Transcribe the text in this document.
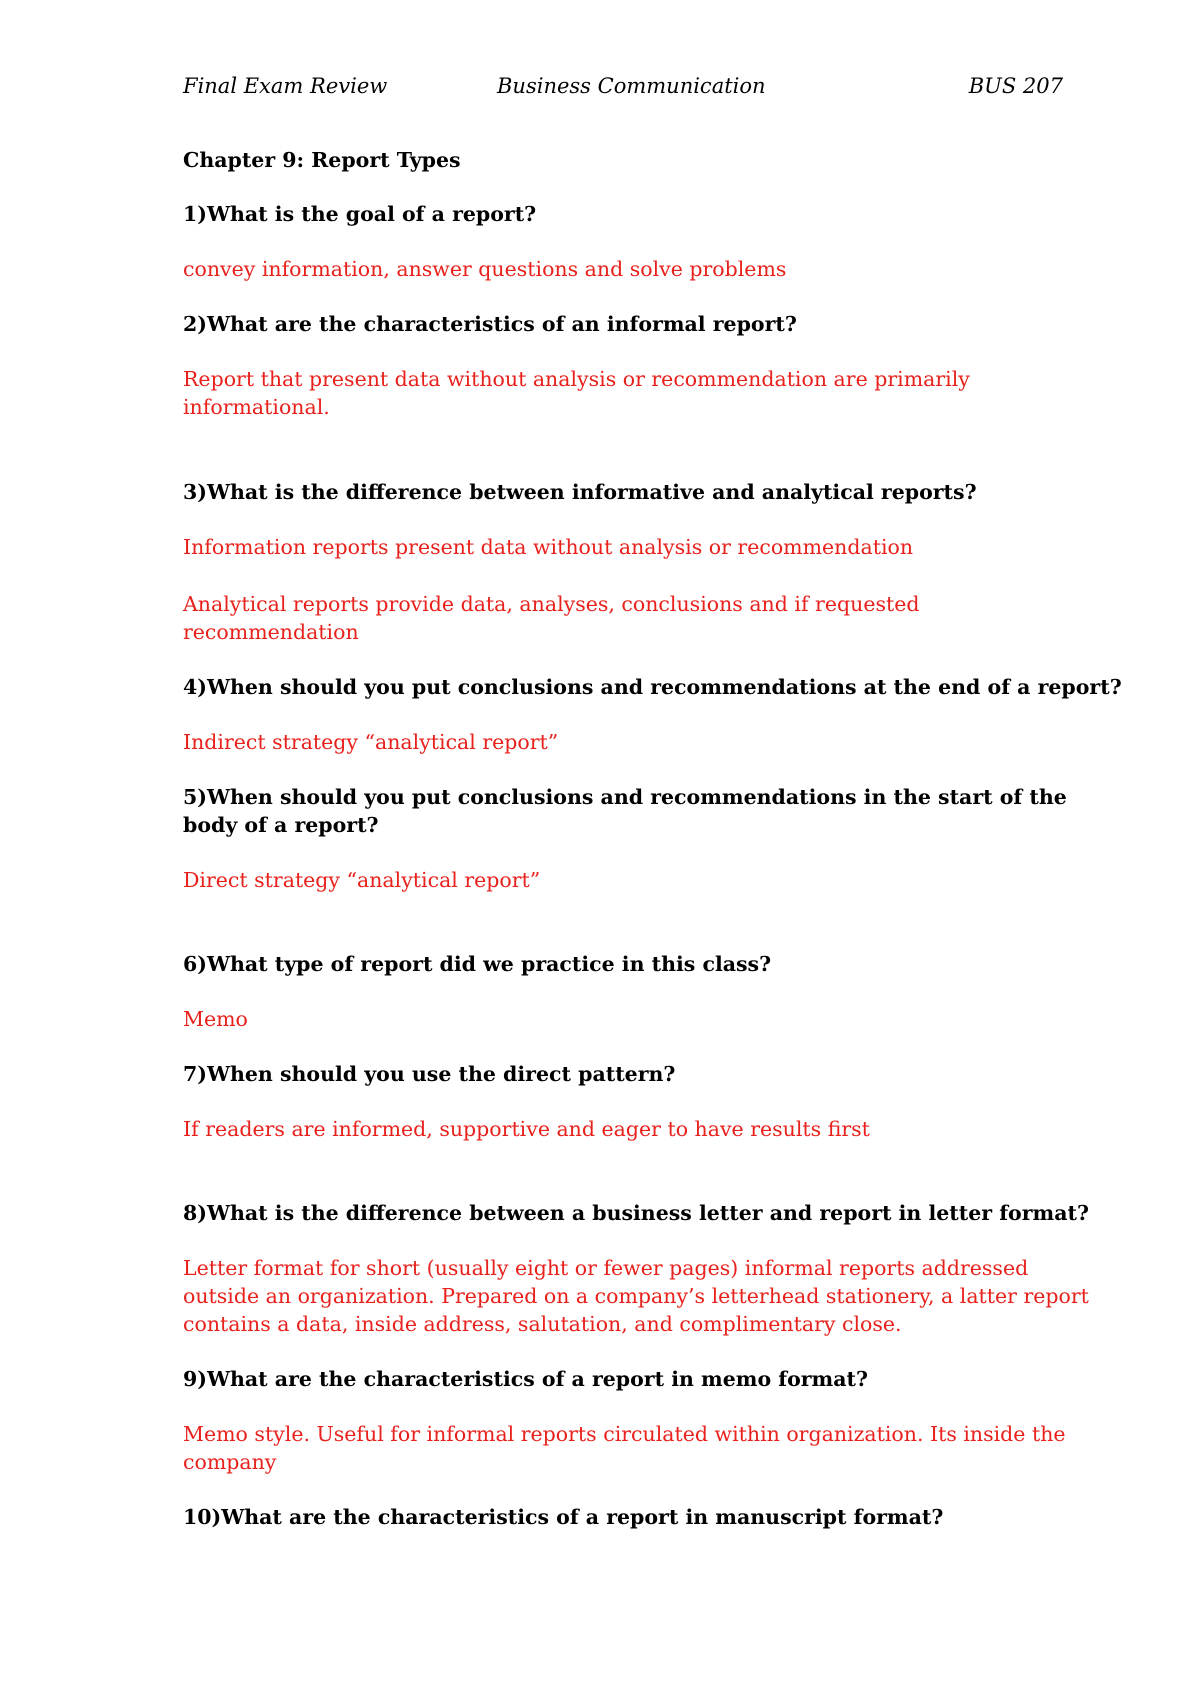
Final Exam Review	Business Communication	BUS 207
Chapter 9: Report Types
1)What is the goal of a report?
convey information, answer questions and solve problems
2)What are the characteristics of an informal report?
Report that present data without analysis or recommendation are primarily
informational.
3)What is the difference between informative and analytical reports?
Information reports present data without analysis or recommendation
Analytical reports provide data, analyses, conclusions and if requested
recommendation
4)When should you put conclusions and recommendations at the end of a report?
Indirect strategy “analytical report”
5)When should you put conclusions and recommendations in the start of the
body of a report?
Direct strategy “analytical report”
6)What type of report did we practice in this class?
Memo
7)When should you use the direct pattern?
If readers are informed, supportive and eager to have results first
8)What is the difference between a business letter and report in letter format?
Letter format for short (usually eight or fewer pages) informal reports addressed
outside an organization. Prepared on a company’s letterhead stationery, a latter report
contains a data, inside address, salutation, and complimentary close.
9)What are the characteristics of a report in memo format?
Memo style. Useful for informal reports circulated within organization. Its inside the
company
10)What are the characteristics of a report in manuscript format?
